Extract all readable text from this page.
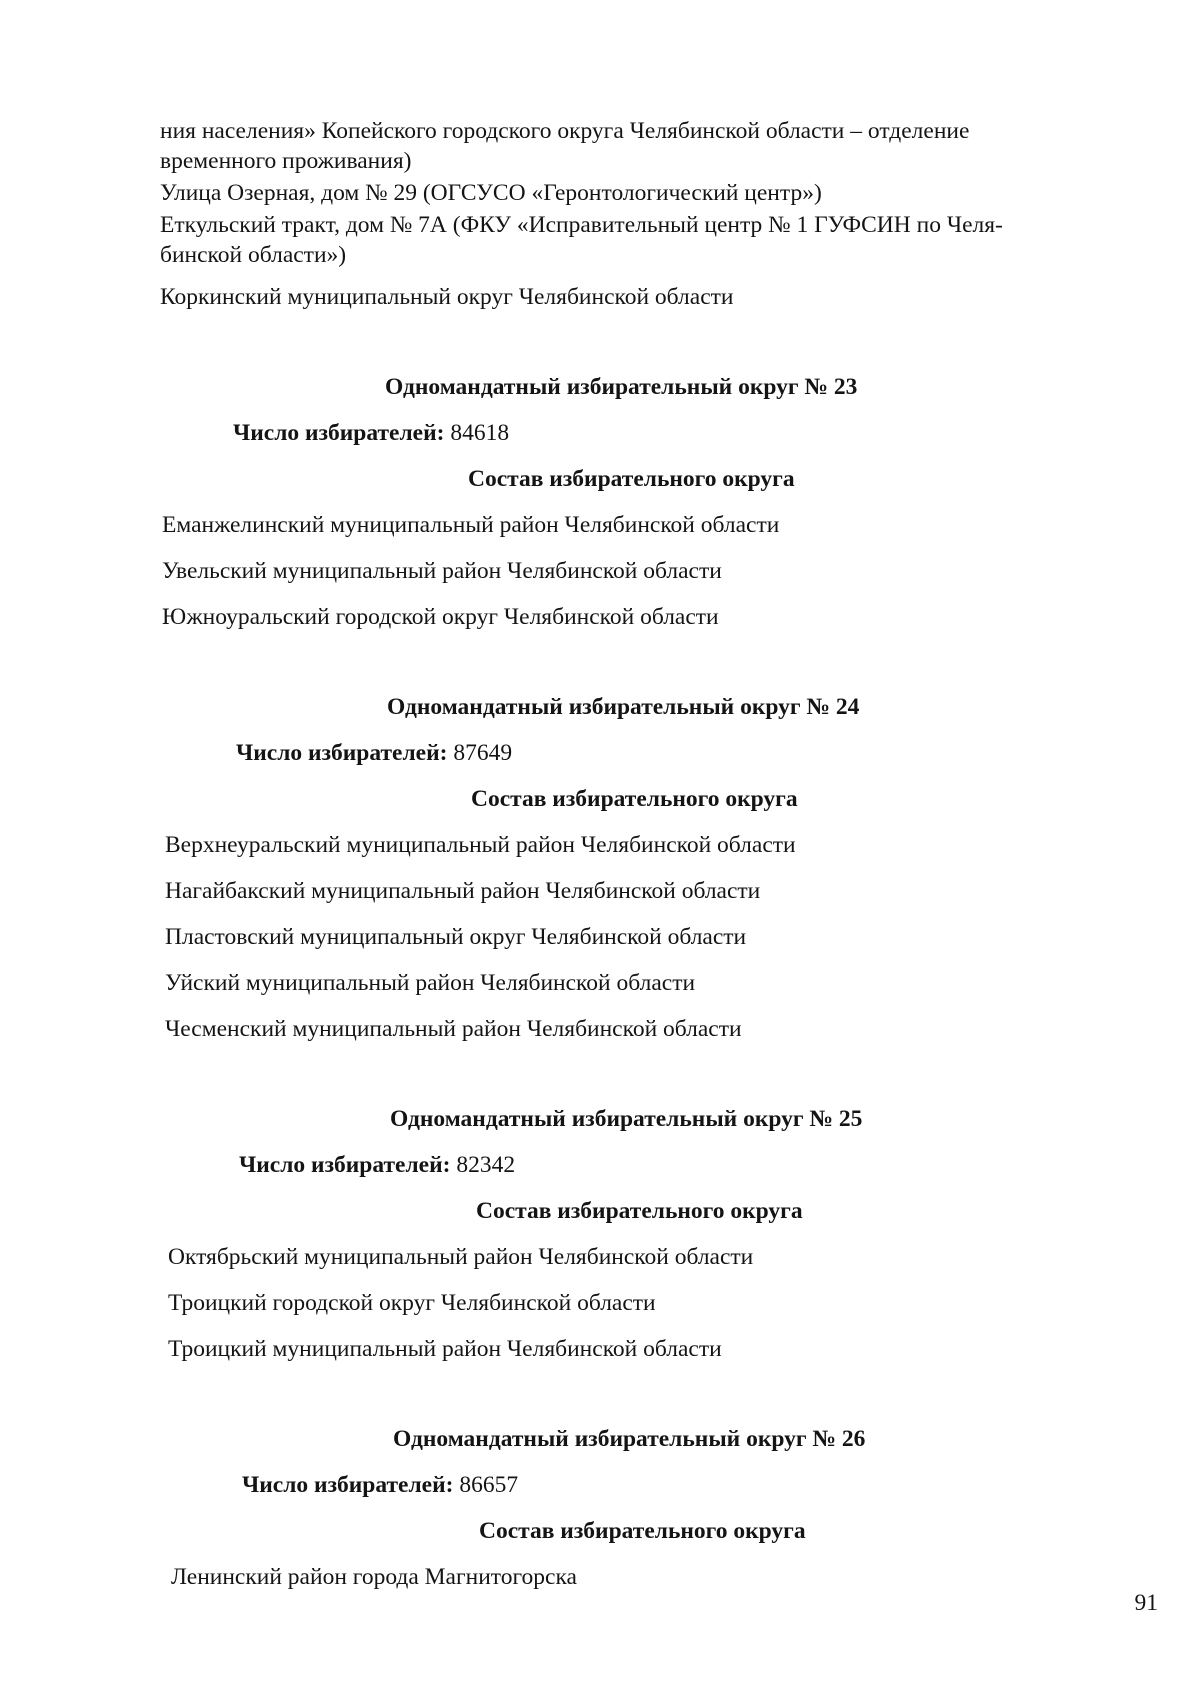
ния населения» Копейского городского округа Челябинской области – отделение
временного проживания)
Улица Озерная, дом № 29 (ОГСУСО «Геронтологический центр»)
Еткульский тракт, дом № 7А (ФКУ «Исправительный центр № 1 ГУФСИН по Челя-
бинской области»)
Коркинский муниципальный округ Челябинской области
Одномандатный избирательный округ № 23
Число избирателей: 84618
Состав избирательного округа
Еманжелинский муниципальный район Челябинской области
Увельский муниципальный район Челябинской области
Южноуральский городской округ Челябинской области
Одномандатный избирательный округ № 24
Число избирателей: 87649
Состав избирательного округа
Верхнеуральский муниципальный район Челябинской области
Нагайбакский муниципальный район Челябинской области
Пластовский муниципальный округ Челябинской области
Уйский муниципальный район Челябинской области
Чесменский муниципальный район Челябинской области
Одномандатный избирательный округ № 25
Число избирателей: 82342
Состав избирательного округа
Октябрьский муниципальный район Челябинской области
Троицкий городской округ Челябинской области
Троицкий муниципальный район Челябинской области
Одномандатный избирательный округ № 26
Число избирателей: 86657
Состав избирательного округа
Ленинский район города Магнитогорска
91
